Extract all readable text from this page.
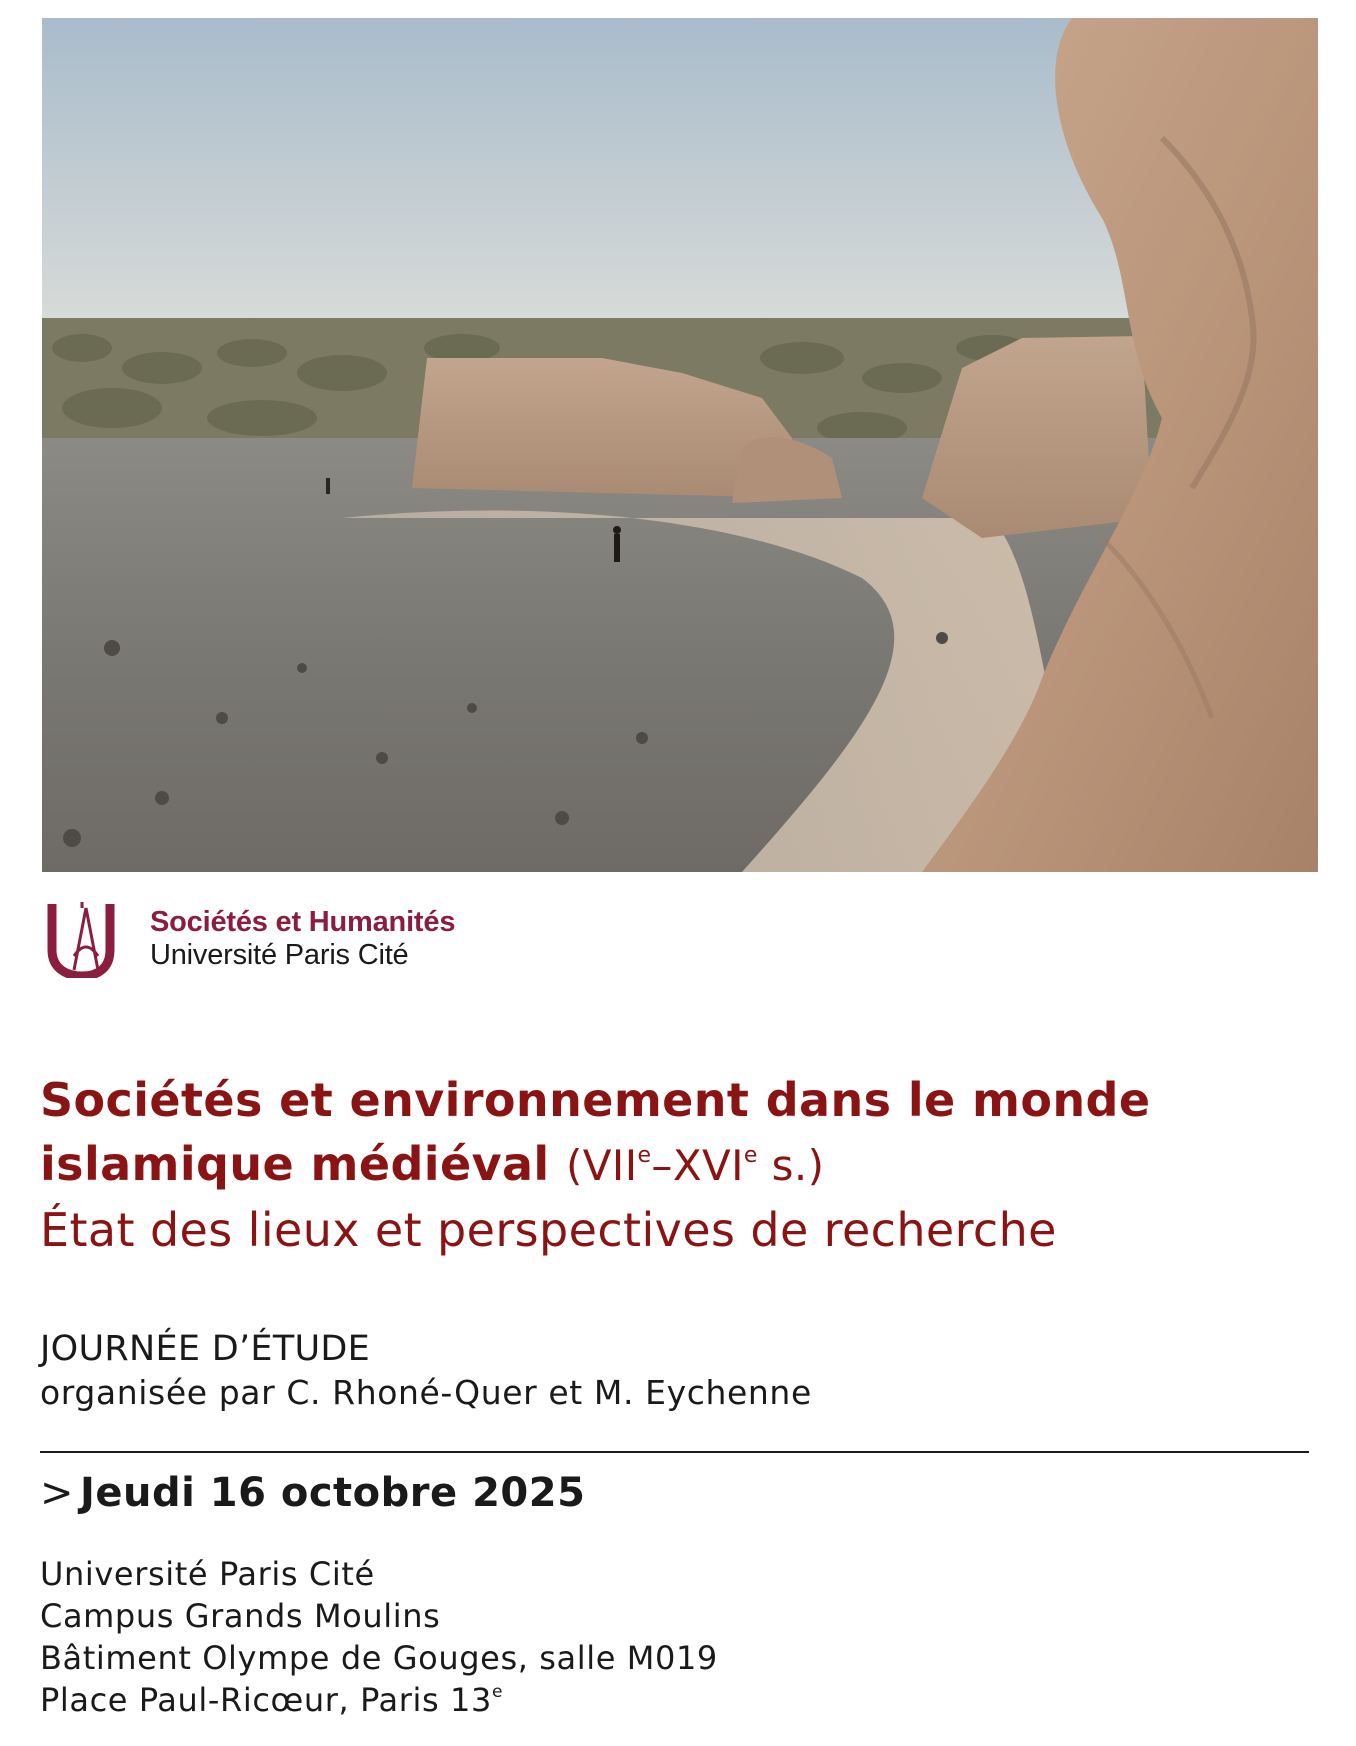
Sociétés et Humanités
Université Paris Cité
Sociétés et environnement dans le monde
islamique médiéval (VIIe–XVIe s.)
État des lieux et perspectives de recherche
JOURNÉE D’ÉTUDE
organisée par C. Rhoné-Quer et M. Eychenne
> Jeudi 16 octobre 2025
Université Paris Cité
Campus Grands Moulins
Bâtiment Olympe de Gouges, salle M019
Place Paul-Ricœur, Paris 13e
